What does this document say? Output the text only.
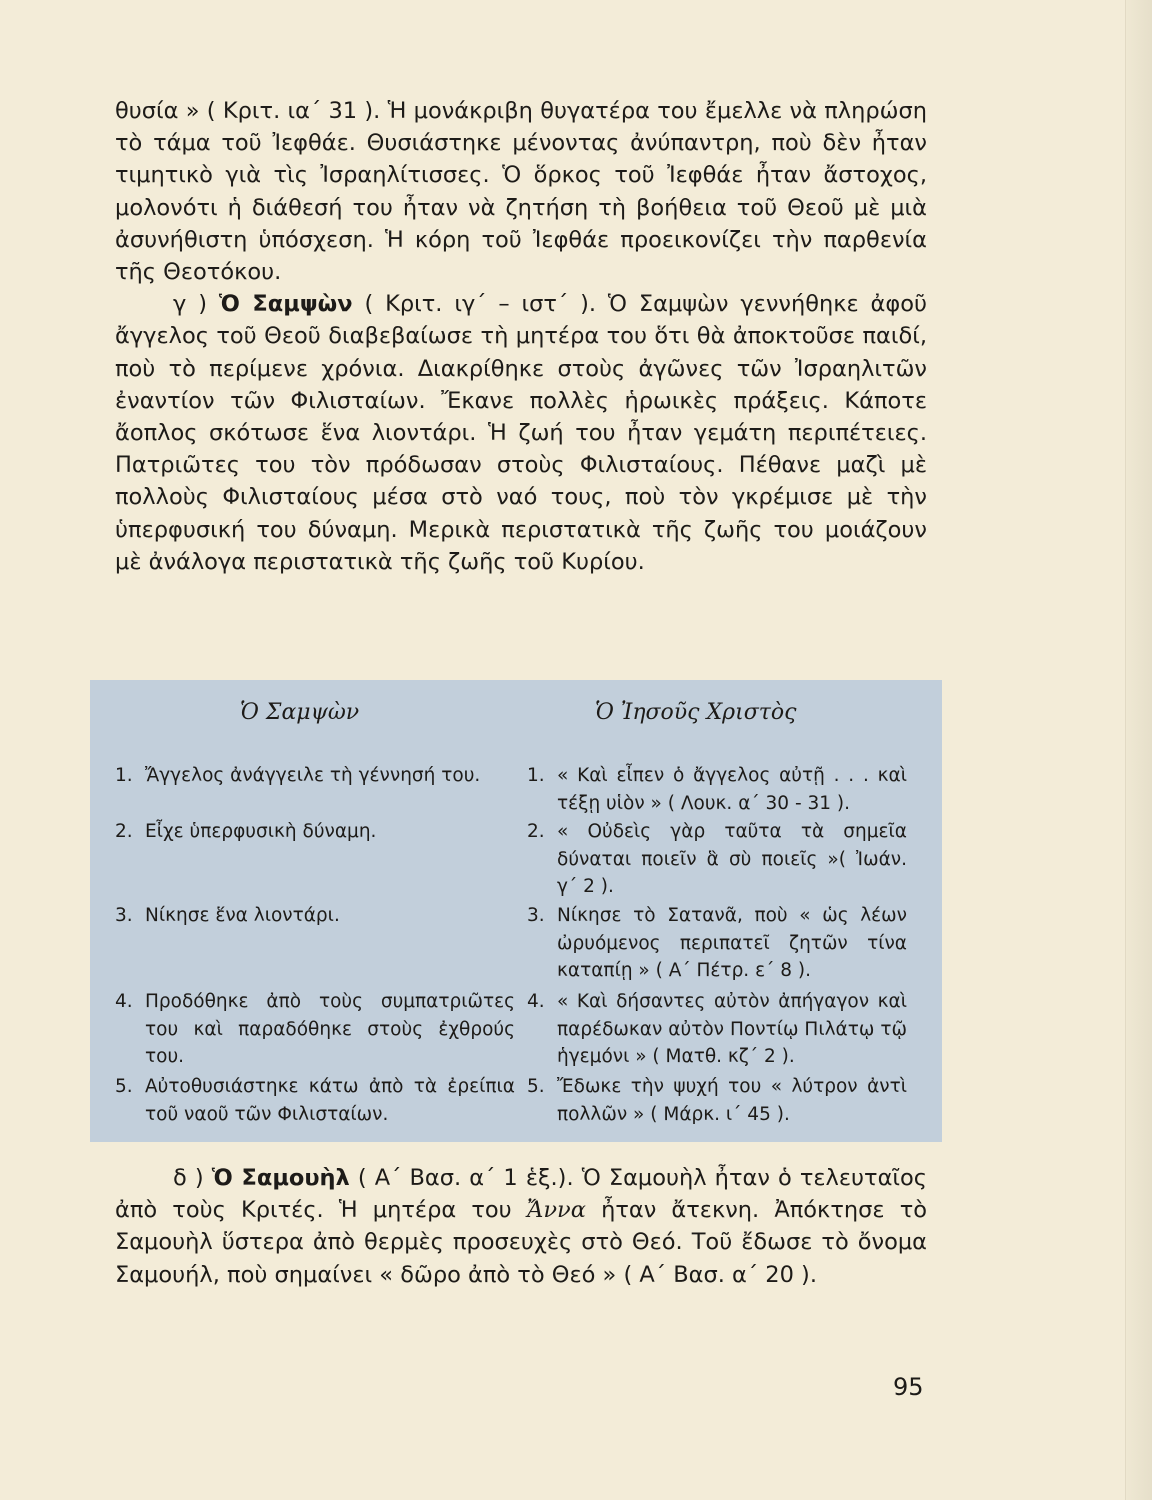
θυσία » ( Κριτ. ια΄ 31 ). Ἡ μονάκριβη θυγατέρα του ἔμελλε νὰ πληρώση τὸ τάμα τοῦ Ἰεφθάε. Θυσιάστηκε μένοντας ἀνύπαντρη, ποὺ δὲν ἦταν τιμητικὸ γιὰ τὶς Ἰσραηλίτισσες. Ὁ ὅρκος τοῦ Ἰεφθάε ἦταν ἄστοχος, μολονότι ἡ διάθεσή του ἦταν νὰ ζητήση τὴ βοήθεια τοῦ Θεοῦ μὲ μιὰ ἀσυνήθιστη ὑπόσχεση. Ἡ κόρη τοῦ Ἰεφθάε προεικονίζει τὴν παρθενία τῆς Θεοτόκου.
γ ) Ὁ Σαμψὼν ( Κριτ. ιγ΄ – ιστ΄ ). Ὁ Σαμψὼν γεννήθηκε ἀφοῦ ἄγγελος τοῦ Θεοῦ διαβεβαίωσε τὴ μητέρα του ὅτι θὰ ἀποκτοῦσε παιδί, ποὺ τὸ περίμενε χρόνια. Διακρίθηκε στοὺς ἀγῶνες τῶν Ἰσραηλιτῶν ἐναντίον τῶν Φιλισταίων. Ἔκανε πολλὲς ἡρωικὲς πράξεις. Κάποτε ἄοπλος σκότωσε ἕνα λιοντάρι. Ἡ ζωή του ἦταν γεμάτη περιπέτειες. Πατριῶτες του τὸν πρόδωσαν στοὺς Φιλισταίους. Πέθανε μαζὶ μὲ πολλοὺς Φιλισταίους μέσα στὸ ναό τους, ποὺ τὸν γκρέμισε μὲ τὴν ὑπερφυσική του δύναμη. Μερικὰ περιστατικὰ τῆς ζωῆς του μοιάζουν μὲ ἀνάλογα περιστατικὰ τῆς ζωῆς τοῦ Κυρίου.

Ὁ Σαμψὼν	Ὁ Ἰησοῦς Χριστὸς
1. Ἄγγελος ἀνάγγειλε τὴ γέννησή του.
2. Εἶχε ὑπερφυσικὴ δύναμη.
3. Νίκησε ἕνα λιοντάρι.
4. Προδόθηκε ἀπὸ τοὺς συμπατριῶτες του καὶ παραδόθηκε στοὺς ἐχθρούς του.
5. Αὐτοθυσιάστηκε κάτω ἀπὸ τὰ ἐρείπια τοῦ ναοῦ τῶν Φιλισταίων.
1. « Καὶ εἶπεν ὁ ἄγγελος αὐτῇ . . . καὶ τέξῃ υἱὸν » ( Λουκ. α΄ 30 - 31 ).
2. « Οὐδεὶς γὰρ ταῦτα τὰ σημεῖα δύναται ποιεῖν ἃ σὺ ποιεῖς »( Ἰωάν. γ΄ 2 ).
3. Νίκησε τὸ Σατανᾶ, ποὺ « ὡς λέων ὠρυόμενος περιπατεῖ ζητῶν τίνα καταπίῃ » ( Α΄ Πέτρ. ε΄ 8 ).
4. « Καὶ δήσαντες αὐτὸν ἀπήγαγον καὶ παρέδωκαν αὐτὸν Ποντίῳ Πιλάτῳ τῷ ἡγεμόνι » ( Ματθ. κζ΄ 2 ).
5. Ἔδωκε τὴν ψυχή του « λύτρον ἀντὶ πολλῶν » ( Μάρκ. ι΄ 45 ).

δ ) Ὁ Σαμουὴλ ( Α΄ Βασ. α΄ 1 ἑξ.). Ὁ Σαμουὴλ ἦταν ὁ τελευταῖος ἀπὸ τοὺς Κριτές. Ἡ μητέρα του Ἄννα ἦταν ἄτεκνη. Ἀπόκτησε τὸ Σαμουὴλ ὕστερα ἀπὸ θερμὲς προσευχὲς στὸ Θεό. Τοῦ ἔδωσε τὸ ὄνομα Σαμουήλ, ποὺ σημαίνει « δῶρο ἀπὸ τὸ Θεό » ( Α΄ Βασ. α΄ 20 ).

95
